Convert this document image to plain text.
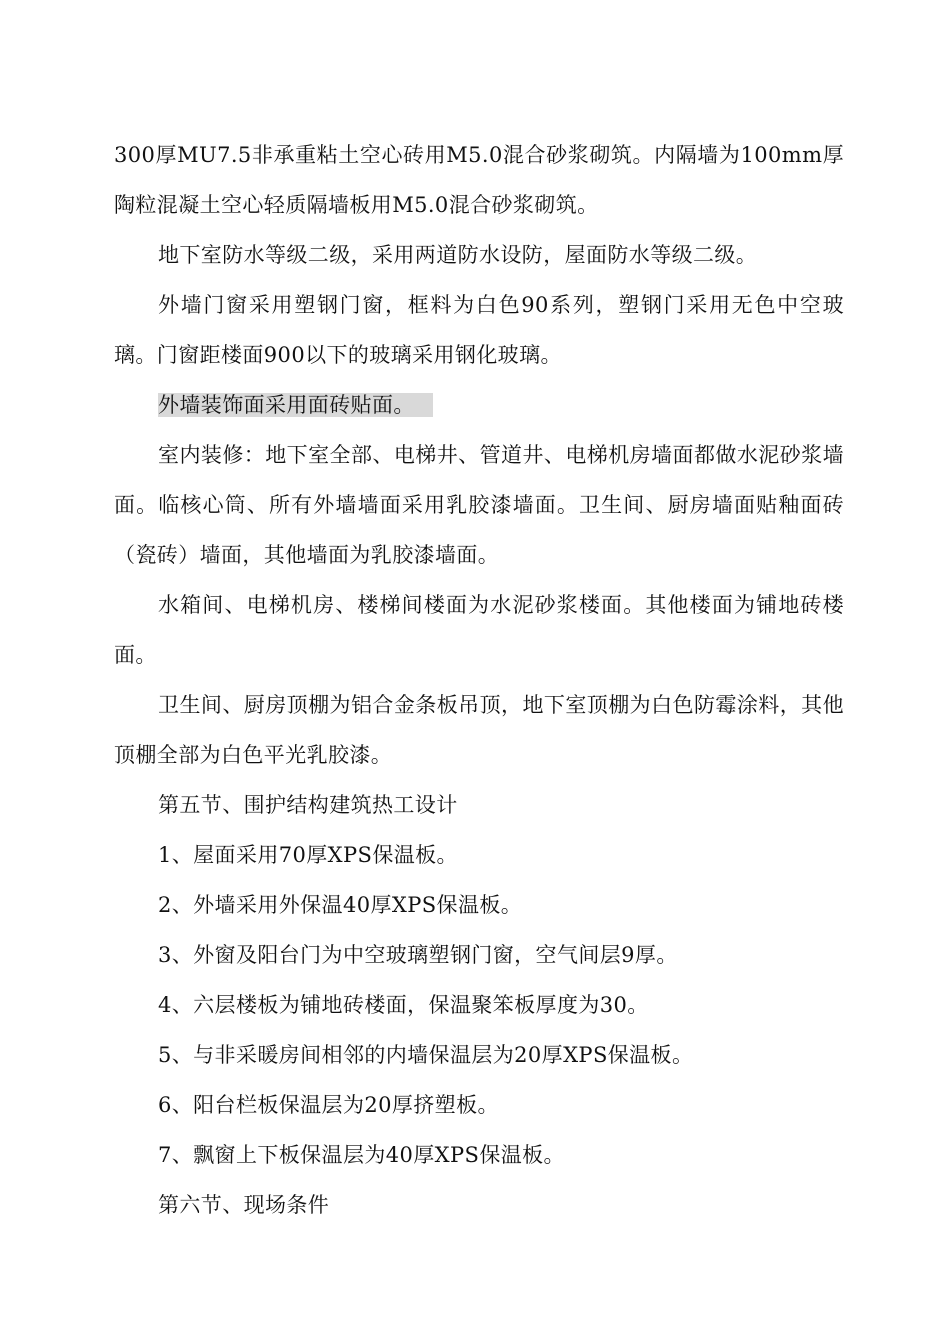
300厚MU7.5非承重粘土空心砖用M5.0混合砂浆砌筑。内隔墙为100mm厚陶粒混凝土空心轻质隔墙板用M5.0混合砂浆砌筑。

地下室防水等级二级，采用两道防水设防，屋面防水等级二级。

外墙门窗采用塑钢门窗，框料为白色90系列，塑钢门采用无色中空玻璃。门窗距楼面900以下的玻璃采用钢化玻璃。

外墙装饰面采用面砖贴面。

室内装修：地下室全部、电梯井、管道井、电梯机房墙面都做水泥砂浆墙面。临核心筒、所有外墙墙面采用乳胶漆墙面。卫生间、厨房墙面贴釉面砖（瓷砖）墙面，其他墙面为乳胶漆墙面。

水箱间、电梯机房、楼梯间楼面为水泥砂浆楼面。其他楼面为铺地砖楼面。

卫生间、厨房顶棚为铝合金条板吊顶，地下室顶棚为白色防霉涂料，其他顶棚全部为白色平光乳胶漆。

第五节、围护结构建筑热工设计

1、屋面采用70厚XPS保温板。

2、外墙采用外保温40厚XPS保温板。

3、外窗及阳台门为中空玻璃塑钢门窗，空气间层9厚。

4、六层楼板为铺地砖楼面，保温聚笨板厚度为30。

5、与非采暖房间相邻的内墙保温层为20厚XPS保温板。

6、阳台栏板保温层为20厚挤塑板。

7、飘窗上下板保温层为40厚XPS保温板。

第六节、现场条件
